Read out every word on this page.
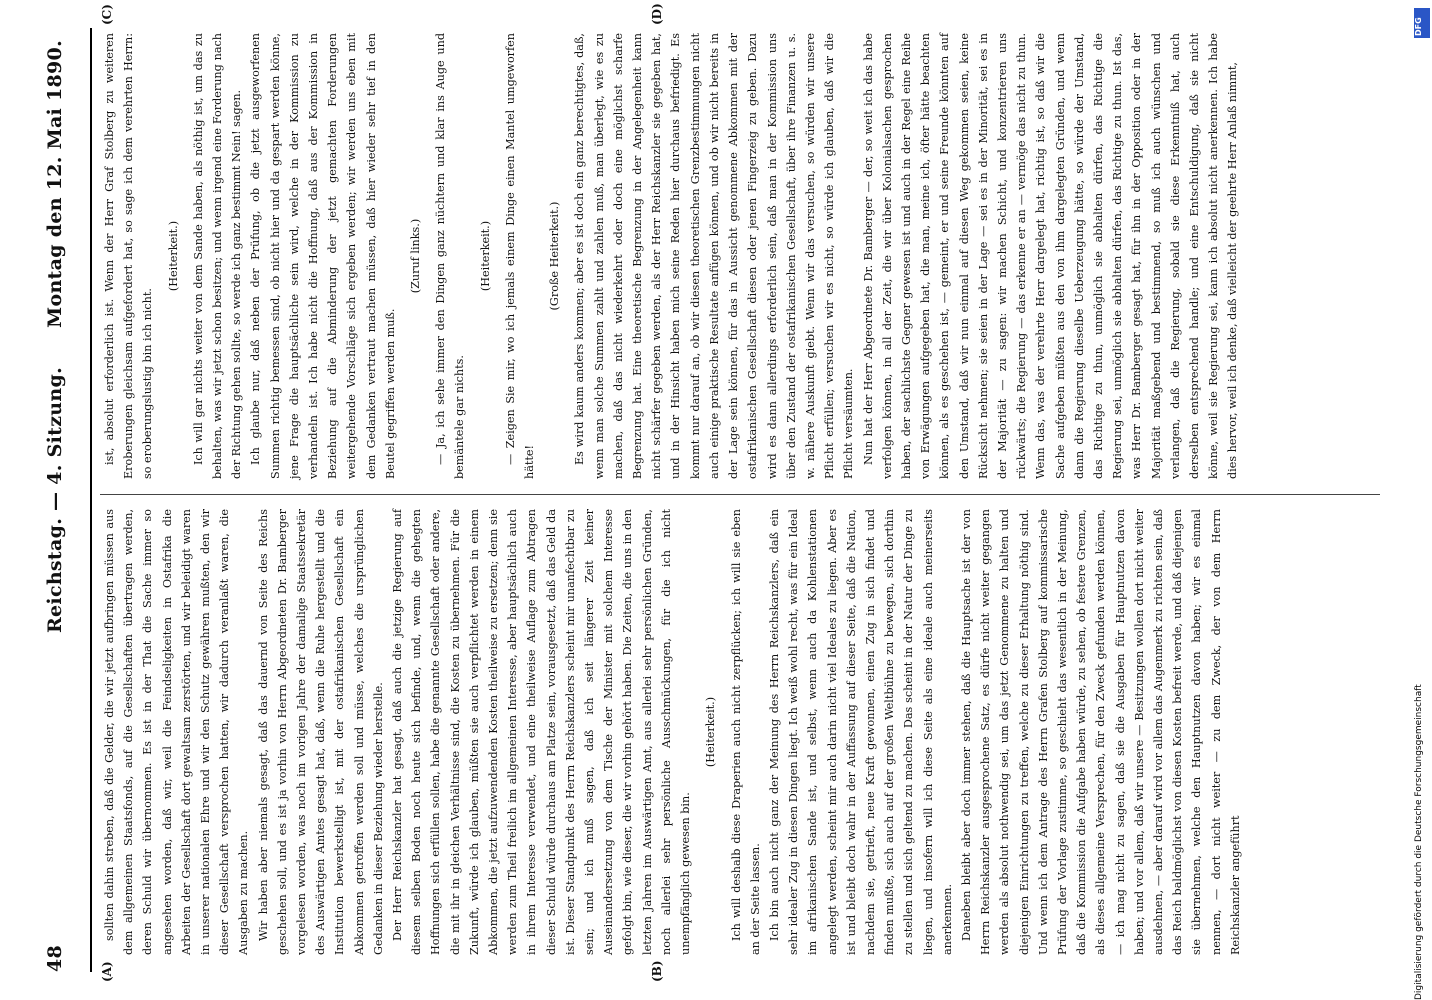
48
Reichstag. — 4. Sitzung.
Montag den 12. Mai 1890.
(A)	(B)
(C)	(D)

sollten dahin streben, daß die Gelder, die wir jetzt aufbringen müssen aus dem allgemeinen Staatsfonds, auf die Gesellschaften übertragen werden, deren Schuld wir übernommen. Es ist in der That die Sache immer so angesehen worden, daß wir, weil die Feindseligkeiten in Ostafrika die Arbeiten der Gesellschaft dort gewaltsam zerstörten, und wir beleidigt waren in unserer nationalen Ehre und wir den Schutz gewähren mußten, den wir dieser Gesellschaft versprochen hatten, wir dadurch veranlaßt waren, die Ausgaben zu machen. Wir haben aber niemals gesagt, daß das dauernd von Seite des Reichs geschehen soll, und es ist ja vorhin von Herrn Abgeordneten Dr. Bamberger vorgelesen worden, was noch im vorigen Jahre der damalige Staatssekretär des Auswärtigen Amtes gesagt hat, daß, wenn die Ruhe hergestellt und die Institution bewerkstelligt ist, mit der ostafrikanischen Gesellschaft ein Abkommen getroffen werden soll und müsse, welches die ursprünglichen Gedanken in dieser Beziehung wieder herstelle. Der Herr Reichskanzler hat gesagt, daß auch die jetzige Regierung auf diesem selben Boden noch heute sich befinde, und, wenn die gehegten Hoffnungen sich erfüllen sollen, habe die genannte Gesellschaft oder andere, die mit ihr in gleichen Verhältnisse sind, die Kosten zu übernehmen. Für die Zukunft, würde ich glauben, müßten sie auch verpflichtet werden in einem Abkommen, die jetzt aufzuwendenden Kosten theilweise zu ersetzen; denn sie werden zum Theil freilich im allgemeinen Interesse, aber hauptsächlich auch in ihrem Interesse verwendet, und eine theilweise Auflage zum Abtragen dieser Schuld würde durchaus am Platze sein, vorausgesetzt, daß das Geld da ist. Dieser Standpunkt des Herrn Reichskanzlers scheint mir unanfechtbar zu sein; und ich muß sagen, daß ich seit längerer Zeit keiner Auseinandersetzung von dem Tische der Minister mit solchem Interesse gefolgt bin, wie dieser, die wir vorhin gehört haben. Die Zeiten, die uns in den letzten Jahren im Auswärtigen Amt, aus allerlei sehr persönlichen Gründen, noch allerlei sehr persönliche Ausschmückungen, für die ich nicht unempfänglich gewesen bin.

(Heiterkeit.) Ich will deshalb diese Draperien auch nicht zerpflücken; ich will sie eben an der Seite lassen. Ich bin auch nicht ganz der Meinung des Herrn Reichskanzlers, daß ein sehr idealer Zug in diesen Dingen liegt. Ich weiß wohl recht, was für ein Ideal im afrikanischen Sande ist, und selbst, wenn auch da Kohlenstationen angelegt werden, scheint mir auch darin nicht viel Ideales zu liegen. Aber es ist und bleibt doch wahr in der Auffassung auf dieser Seite, daß die Nation, nachdem sie, getrieft, neue Kraft gewonnen, einen Zug in sich findet und finden mußte, sich auch auf der großen Weltbühne zu bewegen, sich dorthin zu stellen und sich geltend zu machen. Das scheint in der Natur der Dinge zu liegen, und insofern will ich diese Seite als eine ideale auch meinerseits anerkennen. Daneben bleibt aber doch immer stehen, daß die Hauptsache ist der von Herrn Reichskanzler ausgesprochene Satz, es dürfe nicht weiter gegangen werden als absolut nothwendig sei, um das jetzt Genommene zu halten und diejenigen Einrichtungen zu treffen, welche zu dieser Erhaltung nöthig sind. Und wenn ich dem Antrage des Herrn Grafen Stolberg auf kommissarische Prüfung der Vorlage zustimme, so geschieht das wesentlich in der Meinung, daß die Kommission die Aufgabe haben würde, zu sehen, ob festere Grenzen, als dieses allgemeine Versprechen, für den Zweck gefunden werden können, — ich mag nicht zu sagen, daß sie die Ausgaben für Hauptnutzen davon haben; und vor allem, daß wir unsere — Besitzungen wollen dort nicht weiter ausdehnen, — aber darauf wird vor allem das Augenmerk zu richten sein, daß das Reich baldmöglichst von diesen Kosten befreit werde, und daß diejenigen sie übernehmen, welche den Hauptnutzen davon haben; wir es einmal nennen, — dort nicht weiter — zu dem Zweck, der von dem Herrn Reichskanzler angeführt

ist, absolut erforderlich ist. Wenn der Herr Graf Stolberg zu weiteren Eroberungen gleichsam aufgefordert hat, so sage ich dem verehrten Herrn: so eroberungslustig bin ich nicht.

(Heiterkeit.) Ich will gar nichts weiter von dem Sande haben, als nöthig ist, um das zu behalten, was wir jetzt schon besitzen; und wenn irgend eine Forderung nach der Richtung gehen sollte, so werde ich ganz bestimmt Nein! sagen. Ich glaube nur, daß neben der Prüfung, ob die jetzt ausgeworfenen Summen richtig bemessen sind, ob nicht hier und da gespart werden könne, jene Frage die hauptsächliche sein wird, welche in der Kommission zu verhandeln ist. Ich habe nicht die Hoffnung, daß aus der Kommission in Beziehung auf die Abminderung der jetzt gemachten Forderungen weitergehende Vorschläge sich ergeben werden; wir werden uns eben mit dem Gedanken vertraut machen müssen, daß hier wieder sehr tief in den Beutel gegriffen werden muß.

(Zuruf links.) — Ja, ich sehe immer den Dingen ganz nüchtern und klar ins Auge und bemäntele gar nichts.

(Heiterkeit.) — Zeigen Sie mir, wo ich jemals einem Dinge einen Mantel umgeworfen hätte!

(Große Heiterkeit.) Es wird kaum anders kommen; aber es ist doch ein ganz berechtigtes, daß, wenn man solche Summen zahlt und zahlen muß, man überlegt, wie es zu machen, daß das nicht wiederkehrt oder doch eine möglichst scharfe Begrenzung hat. Eine theoretische Begrenzung in der Angelegenheit kann nicht schärfer gegeben werden, als der Herr Reichskanzler sie gegeben hat, und in der Hinsicht haben mich seine Reden hier durchaus befriedigt. Es kommt nur darauf an, ob wir diesen theoretischen Grenzbestimmungen nicht auch einige praktische Resultate anfügen können, und ob wir nicht bereits in der Lage sein können, für das in Aussicht genommene Abkommen mit der ostafrikanischen Gesellschaft diesen oder jenen Fingerzeig zu geben. Dazu wird es dann allerdings erforderlich sein, daß man in der Kommission uns über den Zustand der ostafrikanischen Gesellschaft, über ihre Finanzen u. s. w. nähere Auskunft giebt. Wenn wir das versuchen, so würden wir unsere Pflicht erfüllen; versuchen wir es nicht, so würde ich glauben, daß wir die Pflicht versäumten. Nun hat der Herr Abgeordnete Dr. Bamberger — der, so weit ich das habe verfolgen können, in all der Zeit, die wir über Kolonialsachen gesprochen haben, der sachlichste Gegner gewesen ist und auch in der Regel eine Reihe von Erwägungen aufgegeben hat, die man, meine ich, öfter hätte beachten können, als es geschehen ist, — gemeint, er und seine Freunde könnten auf den Umstand, daß wir nun einmal auf diesen Weg gekommen seien, keine Rücksicht nehmen; sie seien in der Lage — sei es in der Minorität, sei es in der Majorität — zu sagen: wir machen Schicht, und konzentrieren uns rückwärts; die Regierung — das erkenne er an — vermöge das nicht zu thun. Wenn das, was der verehrte Herr dargelegt hat, richtig ist, so daß wir die Sache aufgeben müßten aus den von ihm dargelegten Gründen, und wenn dann die Regierung dieselbe Ueberzeugung hätte, so würde der Umstand, das Richtige zu thun, unmöglich sie abhalten dürfen, das Richtige die Regierung sei, unmöglich sie abhalten dürfen, das Richtige zu thun. Ist das, was Herr Dr. Bamberger gesagt hat, für ihn in der Opposition oder in der Majorität maßgebend und bestimmend, so muß ich auch wünschen und verlangen, daß die Regierung, sobald sie diese Erkenntniß hat, auch derselben entsprechend handle; und eine Entschuldigung, daß sie nicht könne, weil sie Regierung sei, kann ich absolut nicht anerkennen. Ich habe dies hervor, weil ich denke, daß vielleicht der geehrte Herr Anlaß nimmt,

Digitalisierung gefördert durch die Deutsche Forschungsgemeinschaft
DFG
